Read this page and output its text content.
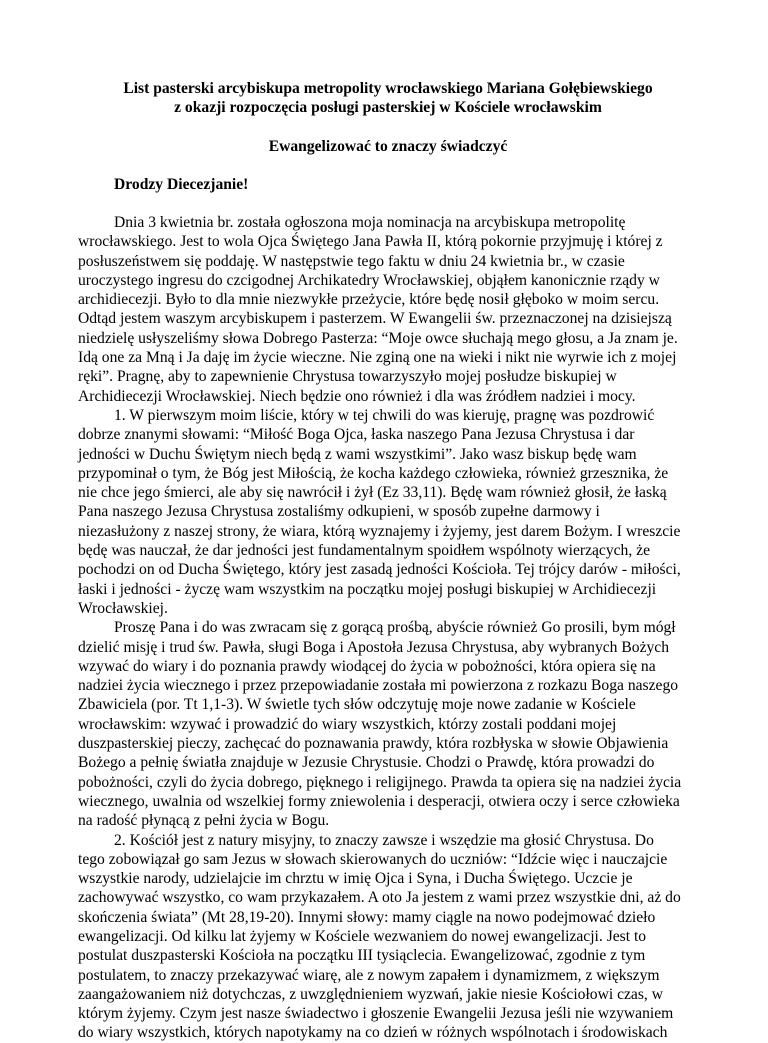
List pasterski arcybiskupa metropolity wrocławskiego Mariana Gołębiewskiego
z okazji rozpoczęcia posługi pasterskiej w Kościele wrocławskim
Ewangelizować to znaczy świadczyć
Drodzy Diecezjanie!
Dnia 3 kwietnia br. została ogłoszona moja nominacja na arcybiskupa metropolitę
wrocławskiego. Jest to wola Ojca Świętego Jana Pawła II, którą pokornie przyjmuję i której z
posłuszeństwem się poddaję. W następstwie tego faktu w dniu 24 kwietnia br., w czasie
uroczystego ingresu do czcigodnej Archikatedry Wrocławskiej, objąłem kanonicznie rządy w
archidiecezji. Było to dla mnie niezwykłe przeżycie, które będę nosił głęboko w moim sercu.
Odtąd jestem waszym arcybiskupem i pasterzem. W Ewangelii św. przeznaczonej na dzisiejszą
niedzielę usłyszeliśmy słowa Dobrego Pasterza: “Moje owce słuchają mego głosu, a Ja znam je.
Idą one za Mną i Ja daję im życie wieczne. Nie zginą one na wieki i nikt nie wyrwie ich z mojej
ręki”. Pragnę, aby to zapewnienie Chrystusa towarzyszyło mojej posłudze biskupiej w
Archidiecezji Wrocławskiej. Niech będzie ono również i dla was źródłem nadziei i mocy.
1. W pierwszym moim liście, który w tej chwili do was kieruję, pragnę was pozdrowić
dobrze znanymi słowami: “Miłość Boga Ojca, łaska naszego Pana Jezusa Chrystusa i dar
jedności w Duchu Świętym niech będą z wami wszystkimi”. Jako wasz biskup będę wam
przypominał o tym, że Bóg jest Miłością, że kocha każdego człowieka, również grzesznika, że
nie chce jego śmierci, ale aby się nawrócił i żył (Ez 33,11). Będę wam również głosił, że łaską
Pana naszego Jezusa Chrystusa zostaliśmy odkupieni, w sposób zupełne darmowy i
niezasłużony z naszej strony, że wiara, którą wyznajemy i żyjemy, jest darem Bożym. I wreszcie
będę was nauczał, że dar jedności jest fundamentalnym spoidłem wspólnoty wierzących, że
pochodzi on od Ducha Świętego, który jest zasadą jedności Kościoła. Tej trójcy darów - miłości,
łaski i jedności - życzę wam wszystkim na początku mojej posługi biskupiej w Archidiecezji
Wrocławskiej.
Proszę Pana i do was zwracam się z gorącą prośbą, abyście również Go prosili, bym mógł
dzielić misję i trud św. Pawła, sługi Boga i Apostoła Jezusa Chrystusa, aby wybranych Bożych
wzywać do wiary i do poznania prawdy wiodącej do życia w pobożności, która opiera się na
nadziei życia wiecznego i przez przepowiadanie została mi powierzona z rozkazu Boga naszego
Zbawiciela (por. Tt 1,1-3). W świetle tych słów odczytuję moje nowe zadanie w Kościele
wrocławskim: wzywać i prowadzić do wiary wszystkich, którzy zostali poddani mojej
duszpasterskiej pieczy, zachęcać do poznawania prawdy, która rozbłyska w słowie Objawienia
Bożego a pełnię światła znajduje w Jezusie Chrystusie. Chodzi o Prawdę, która prowadzi do
pobożności, czyli do życia dobrego, pięknego i religijnego. Prawda ta opiera się na nadziei życia
wiecznego, uwalnia od wszelkiej formy zniewolenia i desperacji, otwiera oczy i serce człowieka
na radość płynącą z pełni życia w Bogu.
2. Kościół jest z natury misyjny, to znaczy zawsze i wszędzie ma głosić Chrystusa. Do
tego zobowiązał go sam Jezus w słowach skierowanych do uczniów: “Idźcie więc i nauczajcie
wszystkie narody, udzielajcie im chrztu w imię Ojca i Syna, i Ducha Świętego. Uczcie je
zachowywać wszystko, co wam przykazałem. A oto Ja jestem z wami przez wszystkie dni, aż do
skończenia świata” (Mt 28,19-20). Innymi słowy: mamy ciągle na nowo podejmować dzieło
ewangelizacji. Od kilku lat żyjemy w Kościele wezwaniem do nowej ewangelizacji. Jest to
postulat duszpasterski Kościoła na początku III tysiąclecia. Ewangelizować, zgodnie z tym
postulatem, to znaczy przekazywać wiarę, ale z nowym zapałem i dynamizmem, z większym
zaangażowaniem niż dotychczas, z uwzględnieniem wyzwań, jakie niesie Kościołowi czas, w
którym żyjemy. Czym jest nasze świadectwo i głoszenie Ewangelii Jezusa jeśli nie wzywaniem
do wiary wszystkich, których napotykamy na co dzień w różnych wspólnotach i środowiskach
